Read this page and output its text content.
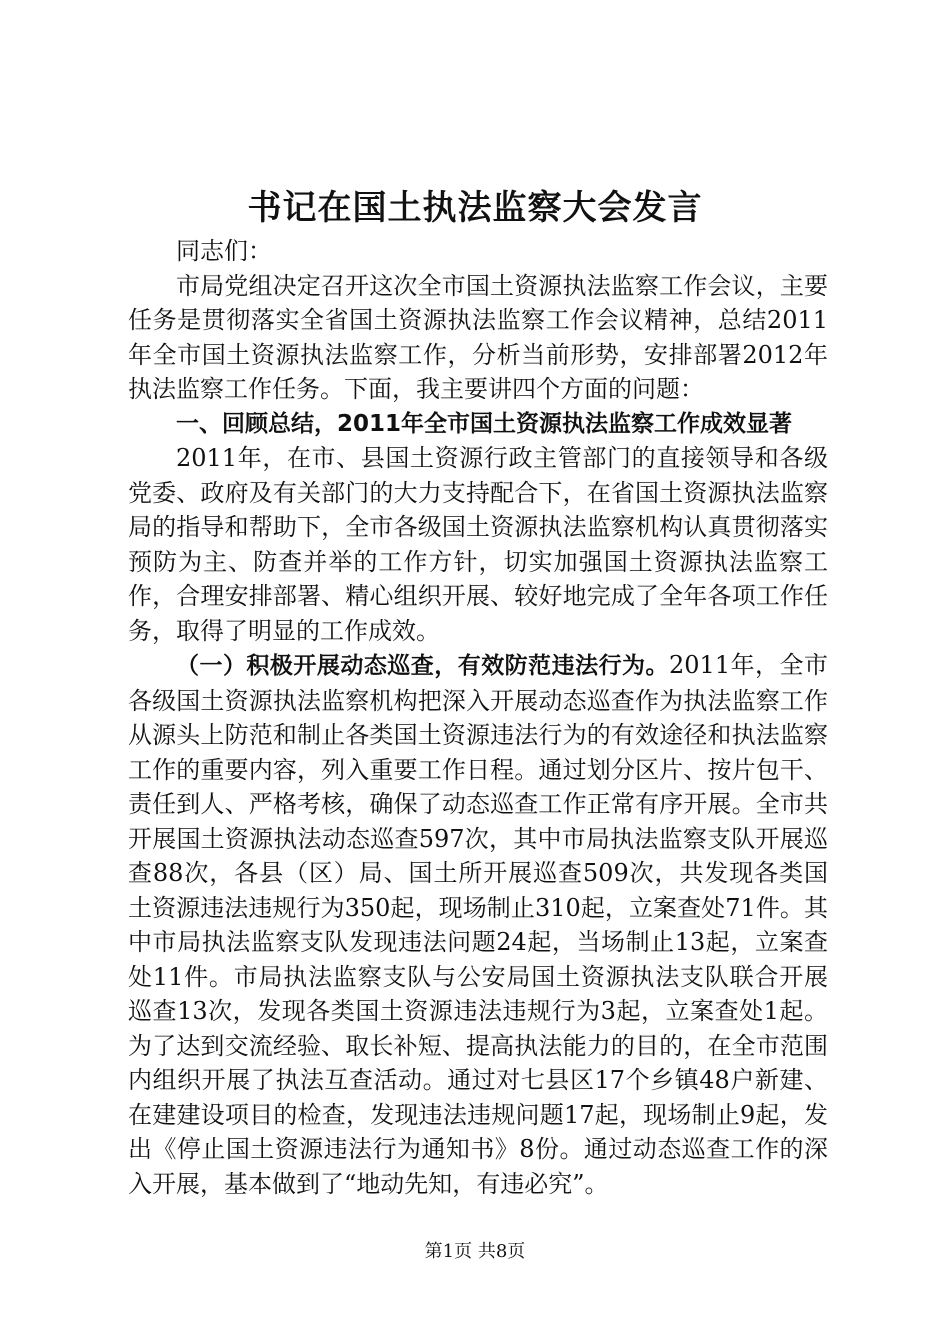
书记在国土执法监察大会发言

同志们：

市局党组决定召开这次全市国土资源执法监察工作会议，主要任务是贯彻落实全省国土资源执法监察工作会议精神，总结2011年全市国土资源执法监察工作，分析当前形势，安排部署2012年执法监察工作任务。下面，我主要讲四个方面的问题：

一、回顾总结，2011年全市国土资源执法监察工作成效显著

2011年，在市、县国土资源行政主管部门的直接领导和各级党委、政府及有关部门的大力支持配合下，在省国土资源执法监察局的指导和帮助下，全市各级国土资源执法监察机构认真贯彻落实预防为主、防查并举的工作方针，切实加强国土资源执法监察工作，合理安排部署、精心组织开展、较好地完成了全年各项工作任务，取得了明显的工作成效。

（一）积极开展动态巡查，有效防范违法行为。2011年，全市各级国土资源执法监察机构把深入开展动态巡查作为执法监察工作从源头上防范和制止各类国土资源违法行为的有效途径和执法监察工作的重要内容，列入重要工作日程。通过划分区片、按片包干、责任到人、严格考核，确保了动态巡查工作正常有序开展。全市共开展国土资源执法动态巡查597次，其中市局执法监察支队开展巡查88次，各县（区）局、国土所开展巡查509次，共发现各类国土资源违法违规行为350起，现场制止310起，立案查处71件。其中市局执法监察支队发现违法问题24起，当场制止13起，立案查处11件。市局执法监察支队与公安局国土资源执法支队联合开展巡查13次，发现各类国土资源违法违规行为3起，立案查处1起。为了达到交流经验、取长补短、提高执法能力的目的，在全市范围内组织开展了执法互查活动。通过对七县区17个乡镇48户新建、在建建设项目的检查，发现违法违规问题17起，现场制止9起，发出《停止国土资源违法行为通知书》8份。通过动态巡查工作的深入开展，基本做到了“地动先知，有违必究”。

第1页 共8页
